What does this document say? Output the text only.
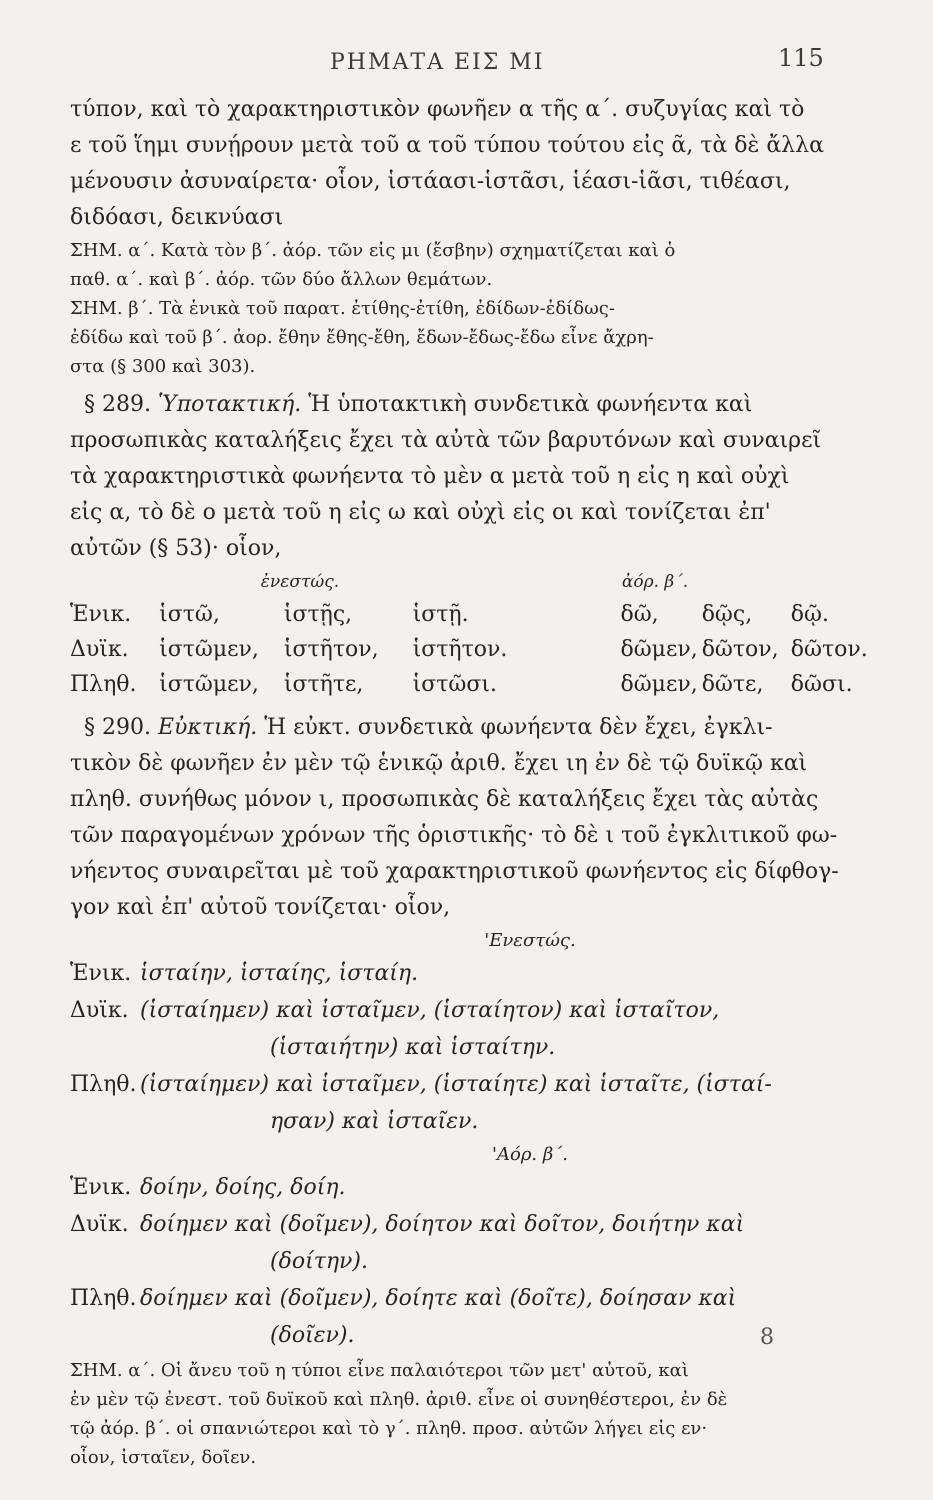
ΡΗΜΑΤΑ ΕΙΣ ΜΙ	115
τύπον, καὶ τὸ χαρακτηριστικὸν φωνῆεν α τῆς α΄. συζυγίας καὶ τὸ
ε τοῦ ἵημι συνῄρουν μετὰ τοῦ α τοῦ τύπου τούτου εἰς ᾶ, τὰ δὲ ἄλλα
μένουσιν ἀσυναίρετα· οἷον, ἱστάασι-ἱστᾶσι, ἱέασι-ἱᾶσι, τιθέασι,
διδόασι, δεικνύασι
ΣΗΜ. α΄. Κατὰ τὸν β΄. ἀόρ. τῶν εἰς μι (ἔσβην) σχηματίζεται καὶ ὁ
παθ. α΄. καὶ β΄. ἀόρ. τῶν δύο ἄλλων θεμάτων.
ΣΗΜ. β΄. Τὰ ἑνικὰ τοῦ παρατ. ἐτίθης-ἐτίθη, ἐδίδων-ἐδίδως-
ἐδίδω καὶ τοῦ β΄. ἀορ. ἔθην ἔθης-ἔθη, ἔδων-ἔδως-ἔδω εἶνε ἄχρη-
στα (§ 300 καὶ 303).
§ 289. Ὑποτακτική. Ἡ ὑποτακτικὴ συνδετικὰ φωνήεντα καὶ
προσωπικὰς καταλήξεις ἔχει τὰ αὐτὰ τῶν βαρυτόνων καὶ συναιρεῖ
τὰ χαρακτηριστικὰ φωνήεντα τὸ μὲν α μετὰ τοῦ η εἰς η καὶ οὐχὶ
εἰς α, τὸ δὲ ο μετὰ τοῦ η εἰς ω καὶ οὐχὶ εἰς οι καὶ τονίζεται ἐπ'
αὐτῶν (§ 53)· οἷον,
ἐνεστώς.	ἀόρ. β΄.
Ἑνικ.	ἱστῶ,	ἱστῇς,	ἱστῇ.	δῶ,	δῷς,	δῷ.
Δυϊκ.	ἱστῶμεν,	ἱστῆτον,	ἱστῆτον.	δῶμεν, δῶτον, δῶτον.
Πληθ.	ἱστῶμεν,	ἱστῆτε,	ἱστῶσι.	δῶμεν, δῶτε,	δῶσι.
§ 290. Εὐκτική. Ἡ εὐκτ. συνδετικὰ φωνήεντα δὲν ἔχει, ἐγκλι-
τικὸν δὲ φωνῆεν ἐν μὲν τῷ ἑνικῷ ἀριθ. ἔχει ιη ἐν δὲ τῷ δυϊκῷ καὶ
πληθ. συνήθως μόνον ι, προσωπικὰς δὲ καταλήξεις ἔχει τὰς αὐτὰς
τῶν παραγομένων χρόνων τῆς ὁριστικῆς· τὸ δὲ ι τοῦ ἐγκλιτικοῦ φω-
νήεντος συναιρεῖται μὲ τοῦ χαρακτηριστικοῦ φωνήεντος εἰς δίφθογ-
γον καὶ ἐπ' αὐτοῦ τονίζεται· οἷον,
'Ενεστώς.
Ἑνικ. ἱσταίην, ἱσταίης, ἱσταίη.
Δυϊκ. (ἱσταίημεν) καὶ ἱσταῖμεν, (ἱσταίητον) καὶ ἱσταῖτον,
(ἱσταιήτην) καὶ ἱσταίτην.
Πληθ. (ἱσταίημεν) καὶ ἱσταῖμεν, (ἱσταίητε) καὶ ἱσταῖτε, (ἱσταί-
ησαν) καὶ ἱσταῖεν.
'Αόρ. β΄.
Ἑνικ. δοίην, δοίης, δοίη.
Δυϊκ. δοίημεν καὶ (δοῖμεν), δοίητον καὶ δοῖτον, δοιήτην καὶ
(δοίτην).
Πληθ. δοίημεν καὶ (δοῖμεν), δοίητε καὶ (δοῖτε), δοίησαν καὶ
(δοῖεν).
ΣΗΜ. α΄. Οἱ ἄνευ τοῦ η τύποι εἶνε παλαιότεροι τῶν μετ' αὐτοῦ, καὶ
ἐν μὲν τῷ ἐνεστ. τοῦ δυϊκοῦ καὶ πληθ. ἀριθ. εἶνε οἱ συνηθέστεροι, ἐν δὲ
τῷ ἀόρ. β΄. οἱ σπανιώτεροι καὶ τὸ γ΄. πληθ. προσ. αὐτῶν λήγει εἰς εν·
οἷον, ἱσταῖεν, δοῖεν.
8
